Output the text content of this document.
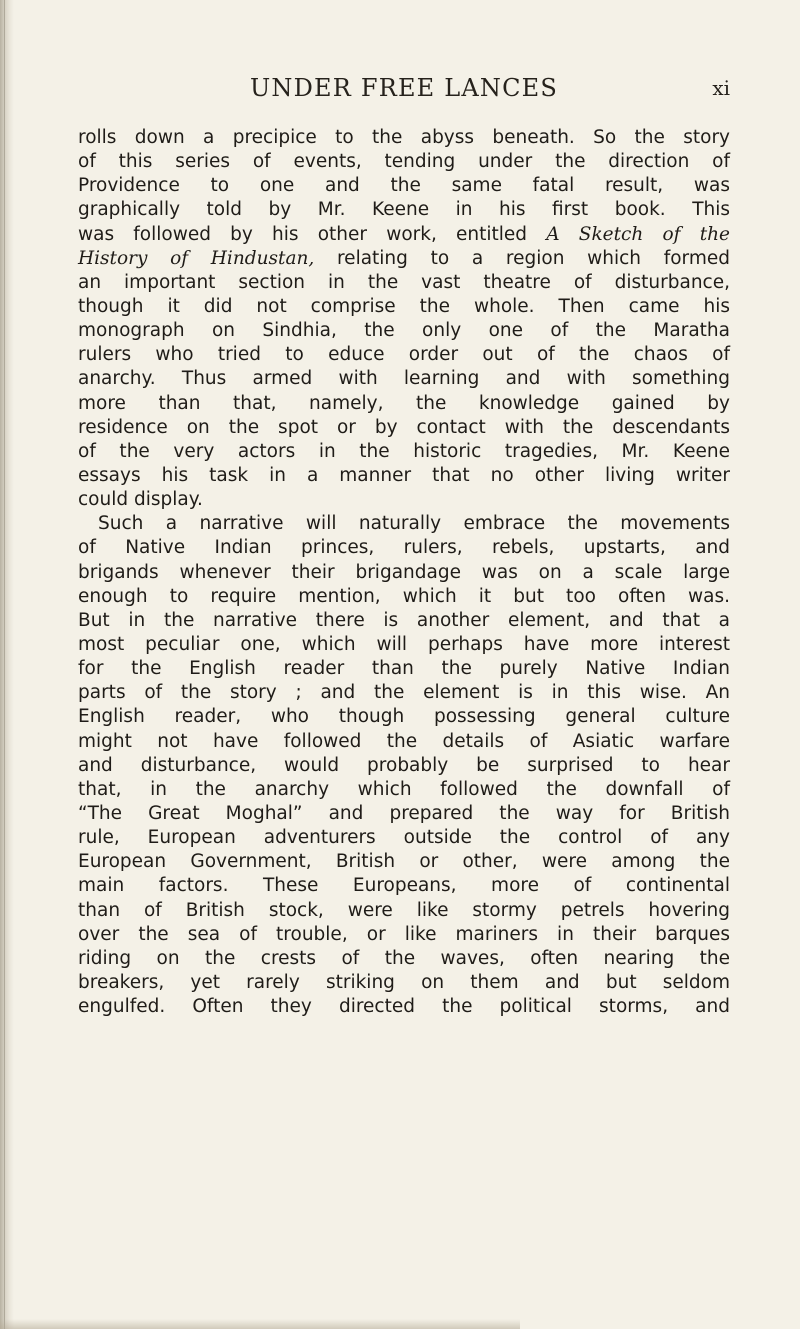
UNDER FREE LANCES	xi
rolls down a precipice to the abyss beneath. So the story
of this series of events, tending under the direction of
Providence to one and the same fatal result, was
graphically told by Mr. Keene in his first book. This
was followed by his other work, entitled A Sketch of the
History of Hindustan, relating to a region which formed
an important section in the vast theatre of disturbance,
though it did not comprise the whole. Then came his
monograph on Sindhia, the only one of the Maratha
rulers who tried to educe order out of the chaos of
anarchy. Thus armed with learning and with something
more than that, namely, the knowledge gained by
residence on the spot or by contact with the descendants
of the very actors in the historic tragedies, Mr. Keene
essays his task in a manner that no other living writer
could display.
Such a narrative will naturally embrace the movements
of Native Indian princes, rulers, rebels, upstarts, and
brigands whenever their brigandage was on a scale large
enough to require mention, which it but too often was.
But in the narrative there is another element, and that a
most peculiar one, which will perhaps have more interest
for the English reader than the purely Native Indian
parts of the story ; and the element is in this wise. An
English reader, who though possessing general culture
might not have followed the details of Asiatic warfare
and disturbance, would probably be surprised to hear
that, in the anarchy which followed the downfall of
“The Great Moghal” and prepared the way for British
rule, European adventurers outside the control of any
European Government, British or other, were among the
main factors. These Europeans, more of continental
than of British stock, were like stormy petrels hovering
over the sea of trouble, or like mariners in their barques
riding on the crests of the waves, often nearing the
breakers, yet rarely striking on them and but seldom
engulfed. Often they directed the political storms, and
